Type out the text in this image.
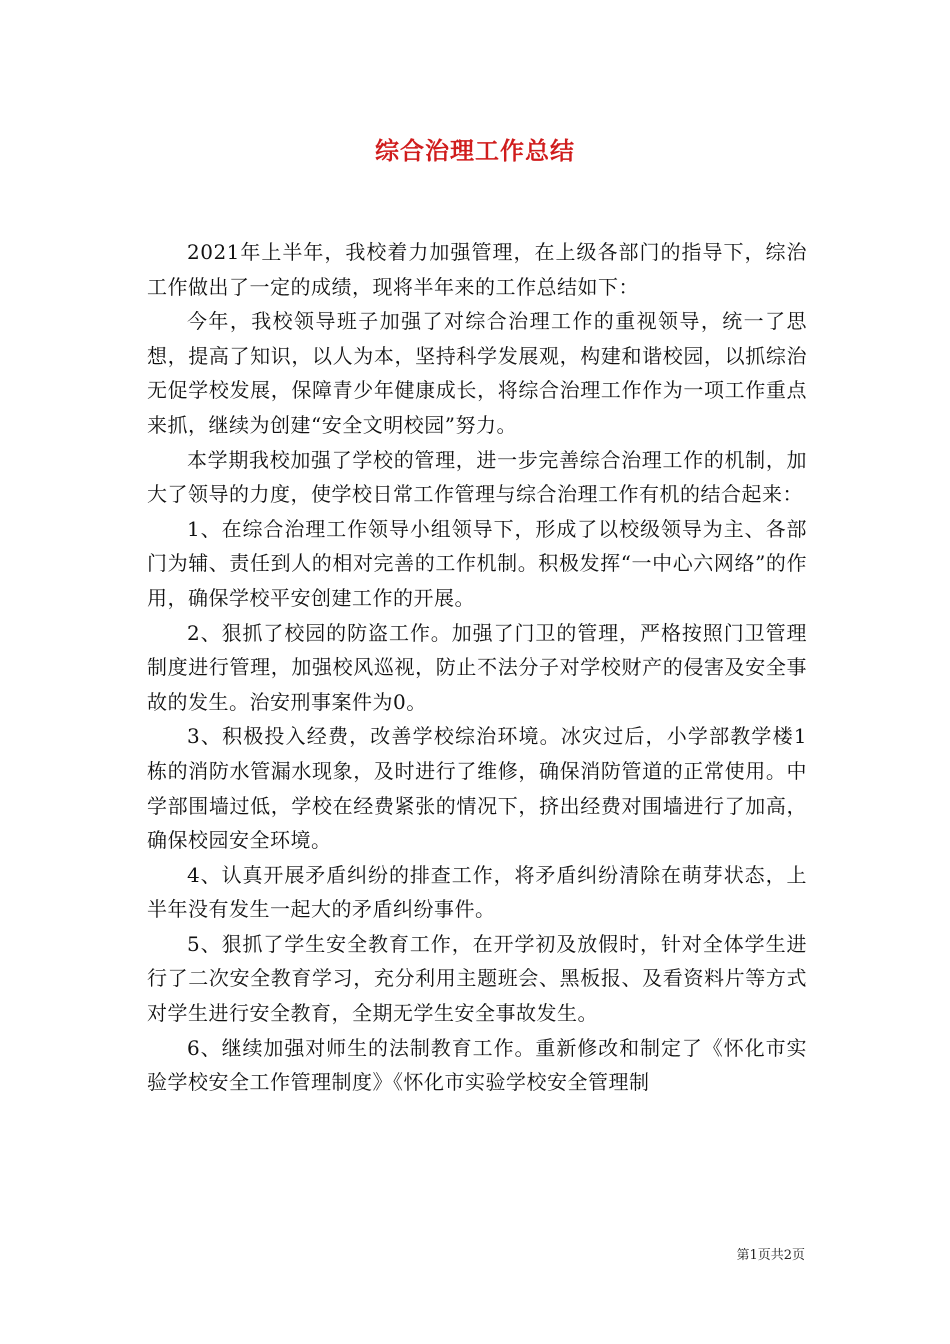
综合治理工作总结

2021年上半年，我校着力加强管理，在上级各部门的指导下，综治工作做出了一定的成绩，现将半年来的工作总结如下：

今年，我校领导班子加强了对综合治理工作的重视领导，统一了思想，提高了知识，以人为本，坚持科学发展观，构建和谐校园，以抓综治无促学校发展，保障青少年健康成长，将综合治理工作作为一项工作重点来抓，继续为创建“安全文明校园”努力。

本学期我校加强了学校的管理，进一步完善综合治理工作的机制，加大了领导的力度，使学校日常工作管理与综合治理工作有机的结合起来：

1、在综合治理工作领导小组领导下，形成了以校级领导为主、各部门为辅、责任到人的相对完善的工作机制。积极发挥“一中心六网络”的作用，确保学校平安创建工作的开展。

2、狠抓了校园的防盗工作。加强了门卫的管理，严格按照门卫管理制度进行管理，加强校风巡视，防止不法分子对学校财产的侵害及安全事故的发生。治安刑事案件为0。

3、积极投入经费，改善学校综治环境。冰灾过后，小学部教学楼1栋的消防水管漏水现象，及时进行了维修，确保消防管道的正常使用。中学部围墙过低，学校在经费紧张的情况下，挤出经费对围墙进行了加高，确保校园安全环境。

4、认真开展矛盾纠纷的排查工作，将矛盾纠纷清除在萌芽状态，上半年没有发生一起大的矛盾纠纷事件。

5、狠抓了学生安全教育工作，在开学初及放假时，针对全体学生进行了二次安全教育学习，充分利用主题班会、黑板报、及看资料片等方式对学生进行安全教育，全期无学生安全事故发生。

6、继续加强对师生的法制教育工作。重新修改和制定了《怀化市实验学校安全工作管理制度》《怀化市实验学校安全管理制

第1页共2页
